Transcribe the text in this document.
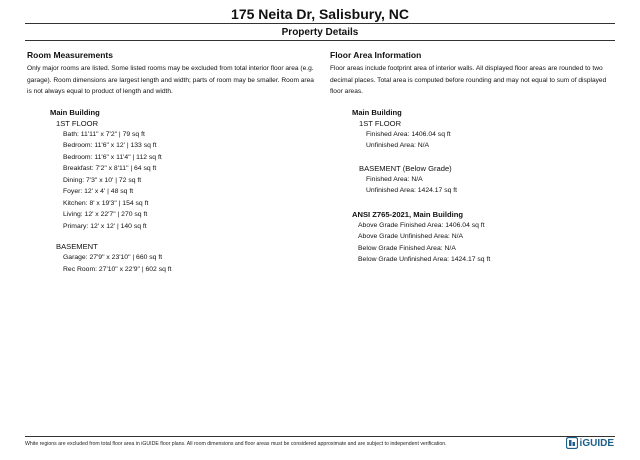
175 Neita Dr, Salisbury, NC
Property Details
Room Measurements

Only major rooms are listed. Some listed rooms may be excluded from total interior floor area (e.g. garage). Room dimensions are largest length and width; parts of room may be smaller. Room area is not always equal to product of length and width.

Main Building
1ST FLOOR
Bath: 11'11" x 7'2" | 79 sq ft
Bedroom: 11'6" x 12' | 133 sq ft
Bedroom: 11'6" x 11'4" | 112 sq ft
Breakfast: 7'2" x 8'11" | 64 sq ft
Dining: 7'3" x 10' | 72 sq ft
Foyer: 12' x 4' | 48 sq ft
Kitchen: 8' x 19'3" | 154 sq ft
Living: 12' x 22'7" | 270 sq ft
Primary: 12' x 12' | 140 sq ft
BASEMENT
Garage: 27'9" x 23'10" | 660 sq ft
Rec Room: 27'10" x 22'9" | 602 sq ft
Floor Area Information

Floor areas include footprint area of interior walls. All displayed floor areas are rounded to two decimal places. Total area is computed before rounding and may not equal to sum of displayed floor areas.

Main Building
1ST FLOOR
Finished Area: 1406.04 sq ft
Unfinished Area: N/A
BASEMENT (Below Grade)
Finished Area: N/A
Unfinished Area: 1424.17 sq ft
ANSI Z765-2021, Main Building
Above Grade Finished Area: 1406.04 sq ft
Above Grade Unfinished Area: N/A
Below Grade Finished Area: N/A
Below Grade Unfinished Area: 1424.17 sq ft
White regions are excluded from total floor area in iGUIDE floor plans. All room dimensions and floor areas must be considered approximate and are subject to independent verification.	iGUIDE
